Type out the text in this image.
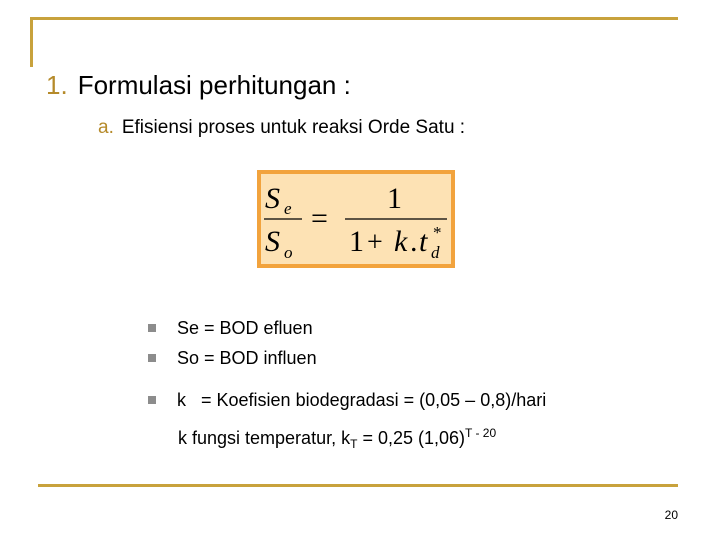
1. Formulasi perhitungan :
a. Efisiensi proses untuk reaksi Orde Satu :
S e
S o
=
1
1 + k . t d
*
Se = BOD efluen
So = BOD influen
k   = Koefisien biodegradasi = (0,05 – 0,8)/hari
k fungsi temperatur, $k_T = 0,25$ $(1,06)^{T - 20}$
20
